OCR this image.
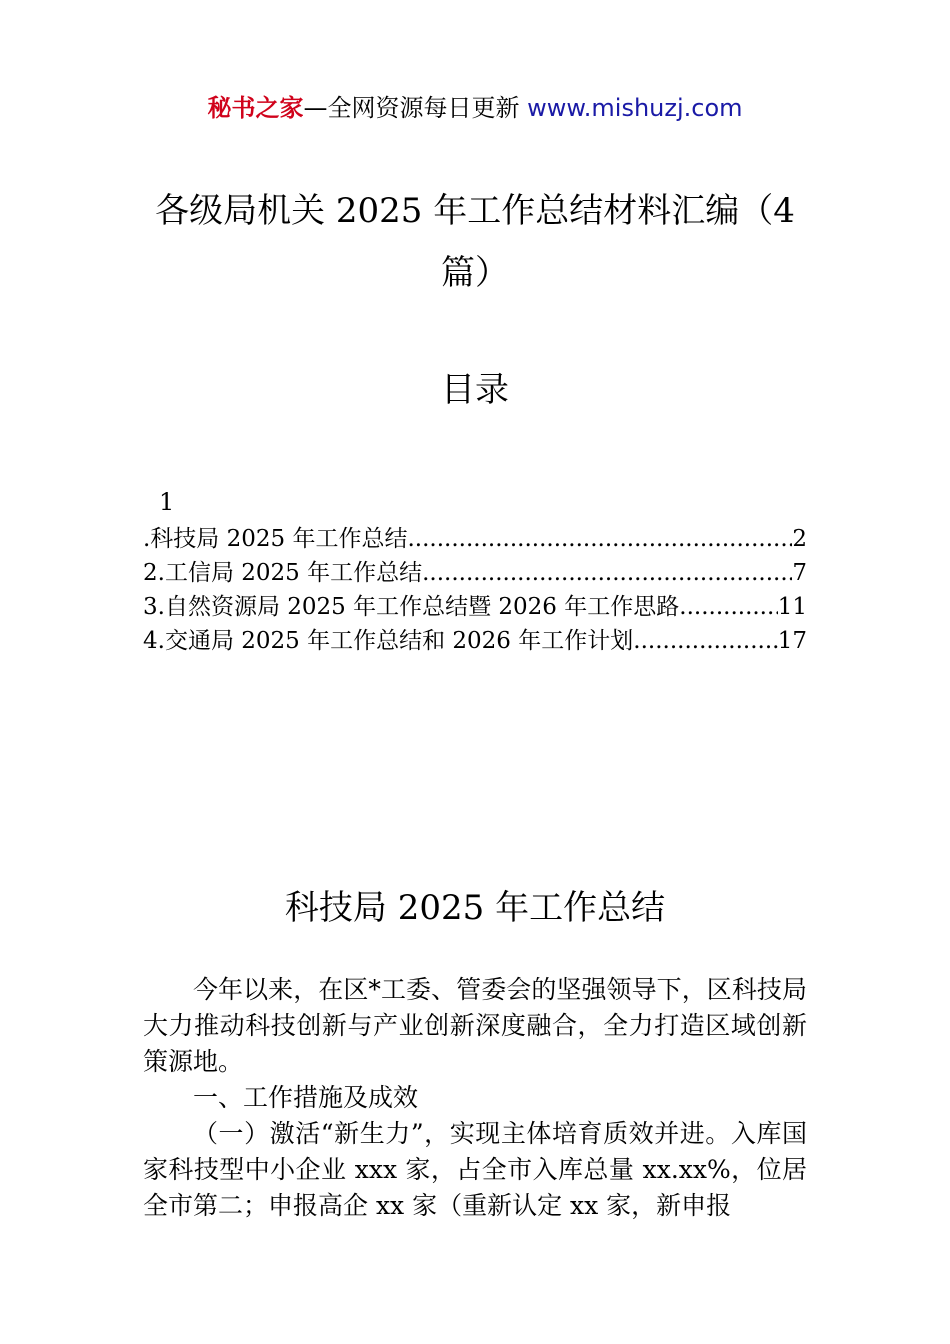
秘书之家—全网资源每日更新 www.mishuzj.com
各级局机关 2025 年工作总结材料汇编（4 篇）
目录
1
.科技局 2025 年工作总结 .....	2
2.工信局 2025 年工作总结 .....	7
3.自然资源局 2025 年工作总结暨 2026 年工作思路 .....	11
4.交通局 2025 年工作总结和 2026 年工作计划 .....	17
科技局 2025 年工作总结

今年以来，在区*工委、管委会的坚强领导下，区科技局大力推动科技创新与产业创新深度融合，全力打造区域创新策源地。

一、工作措施及成效

（一）激活“新生力”，实现主体培育质效并进。入库国家科技型中小企业 xxx 家，占全市入库总量 xx.xx%，位居全市第二；申报高企 xx 家（重新认定 xx 家，新申报
